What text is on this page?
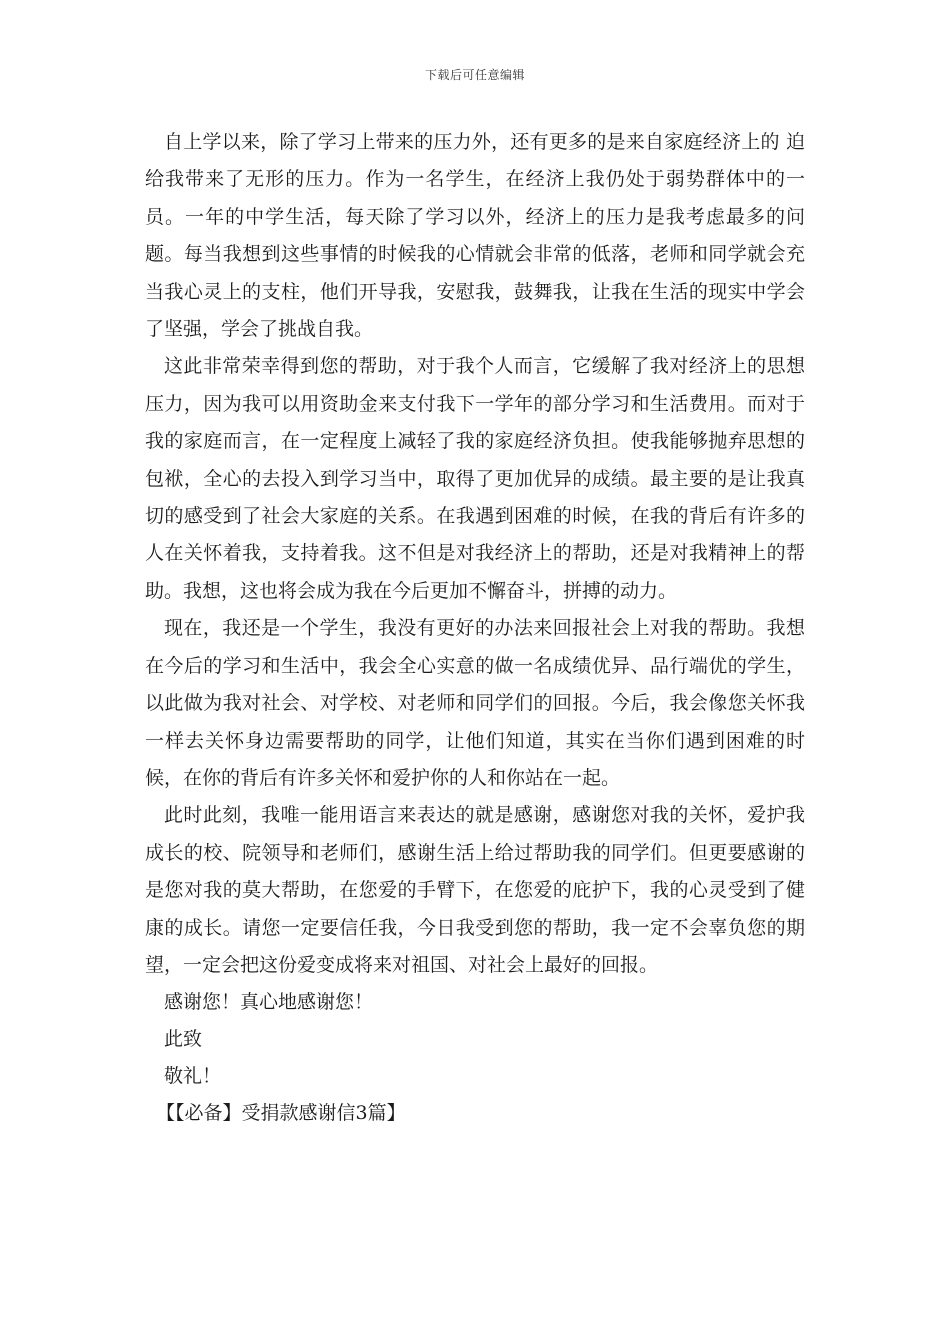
下载后可任意编辑

自上学以来，除了学习上带来的压力外，还有更多的是来自家庭经济上的 迫给我带来了无形的压力。作为一名学生，在经济上我仍处于弱势群体中的一员。一年的中学生活，每天除了学习以外，经济上的压力是我考虑最多的问题。每当我想到这些事情的时候我的心情就会非常的低落，老师和同学就会充当我心灵上的支柱，他们开导我，安慰我，鼓舞我，让我在生活的现实中学会了坚强，学会了挑战自我。

这此非常荣幸得到您的帮助，对于我个人而言，它缓解了我对经济上的思想压力，因为我可以用资助金来支付我下一学年的部分学习和生活费用。而对于我的家庭而言，在一定程度上减轻了我的家庭经济负担。使我能够抛弃思想的包袱，全心的去投入到学习当中，取得了更加优异的成绩。最主要的是让我真切的感受到了社会大家庭的关系。在我遇到困难的时候，在我的背后有许多的人在关怀着我，支持着我。这不但是对我经济上的帮助，还是对我精神上的帮助。我想，这也将会成为我在今后更加不懈奋斗，拼搏的动力。

现在，我还是一个学生，我没有更好的办法来回报社会上对我的帮助。我想在今后的学习和生活中，我会全心实意的做一名成绩优异、品行端优的学生，以此做为我对社会、对学校、对老师和同学们的回报。今后，我会像您关怀我一样去关怀身边需要帮助的同学，让他们知道，其实在当你们遇到困难的时候，在你的背后有许多关怀和爱护你的人和你站在一起。

此时此刻，我唯一能用语言来表达的就是感谢，感谢您对我的关怀，爱护我成长的校、院领导和老师们，感谢生活上给过帮助我的同学们。但更要感谢的是您对我的莫大帮助，在您爱的手臂下，在您爱的庇护下，我的心灵受到了健康的成长。请您一定要信任我，今日我受到您的帮助，我一定不会辜负您的期望，一定会把这份爱变成将来对祖国、对社会上最好的回报。

感谢您！真心地感谢您！

此致

敬礼！

【【必备】受捐款感谢信3篇】
